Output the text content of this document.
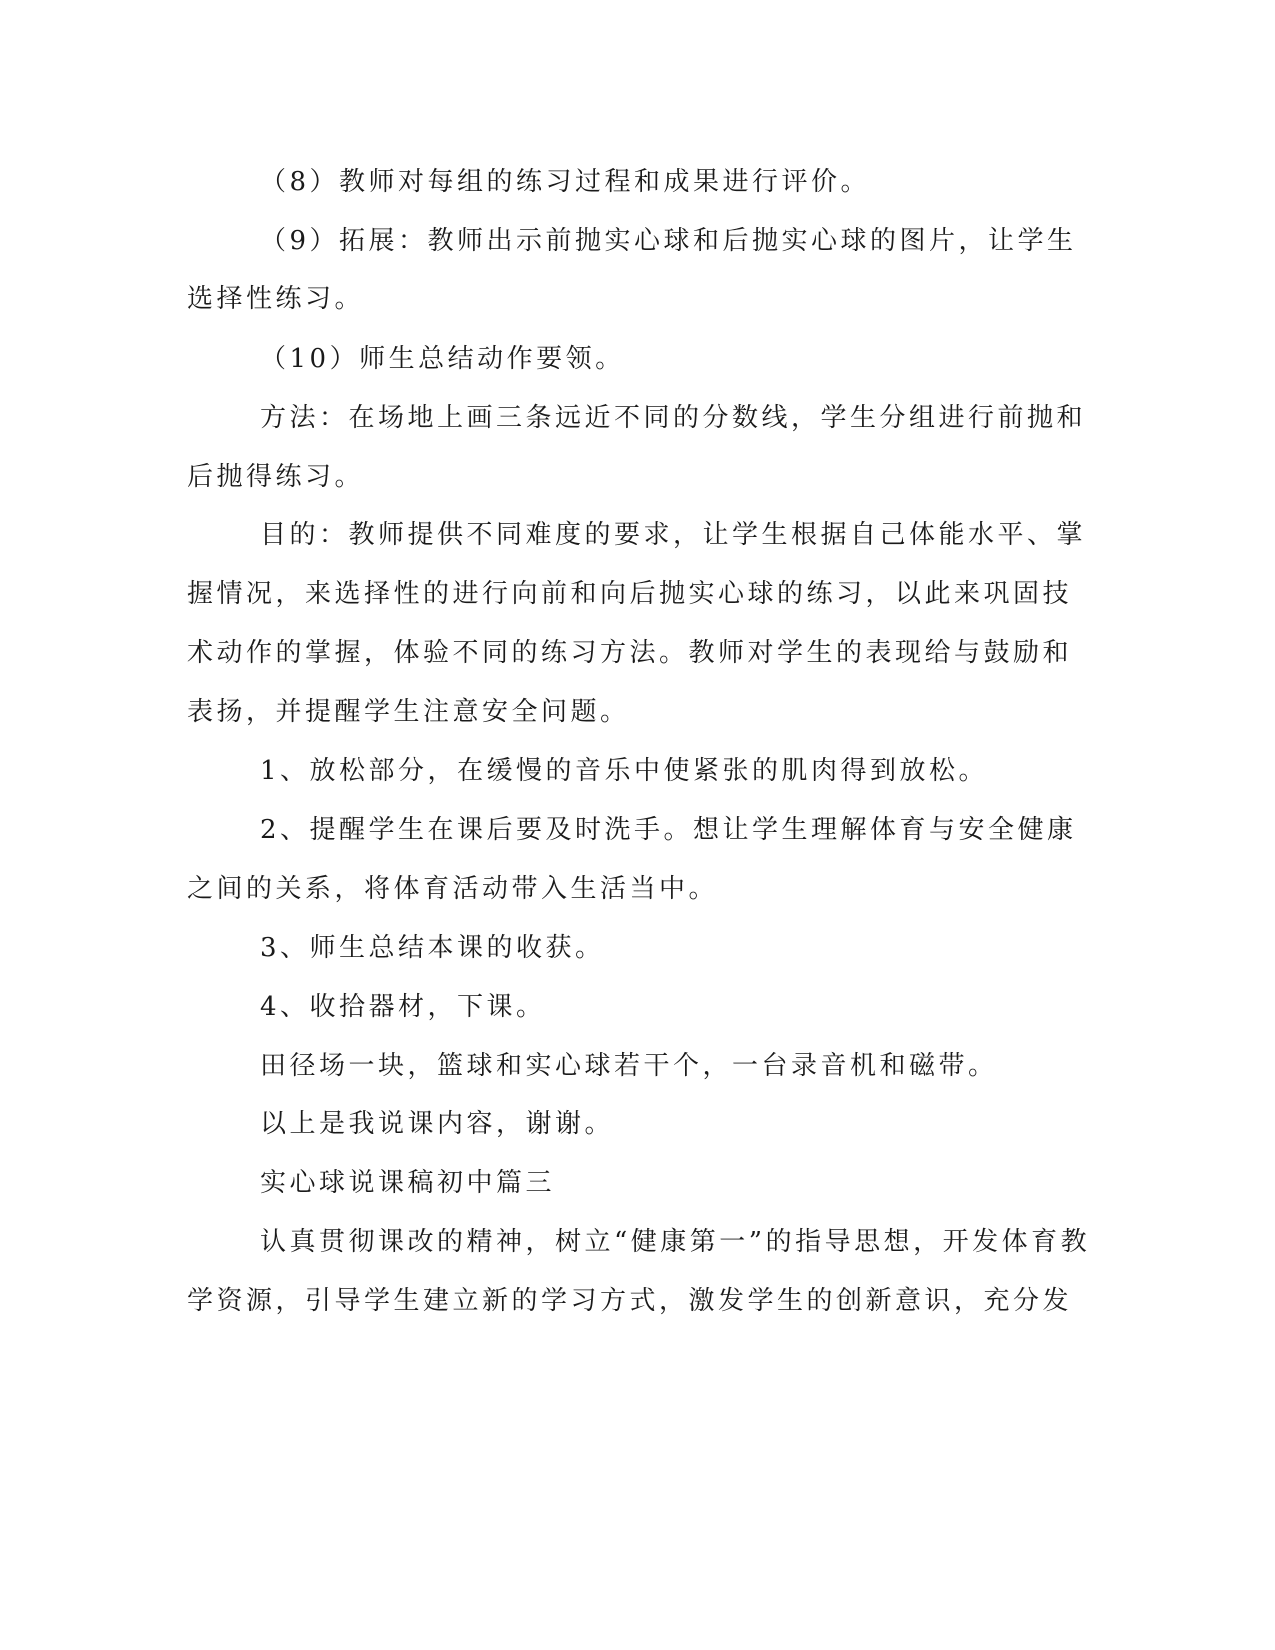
（8）教师对每组的练习过程和成果进行评价。
（9）拓展：教师出示前抛实心球和后抛实心球的图片，让学生
选择性练习。
（10）师生总结动作要领。
方法：在场地上画三条远近不同的分数线，学生分组进行前抛和
后抛得练习。
目的：教师提供不同难度的要求，让学生根据自己体能水平、掌
握情况，来选择性的进行向前和向后抛实心球的练习，以此来巩固技
术动作的掌握，体验不同的练习方法。教师对学生的表现给与鼓励和
表扬，并提醒学生注意安全问题。
1、放松部分，在缓慢的音乐中使紧张的肌肉得到放松。
2、提醒学生在课后要及时洗手。想让学生理解体育与安全健康
之间的关系，将体育活动带入生活当中。
3、师生总结本课的收获。
4、收拾器材，下课。
田径场一块，篮球和实心球若干个，一台录音机和磁带。
以上是我说课内容，谢谢。
实心球说课稿初中篇三
认真贯彻课改的精神，树立“健康第一”的指导思想，开发体育教
学资源，引导学生建立新的学习方式，激发学生的创新意识，充分发
